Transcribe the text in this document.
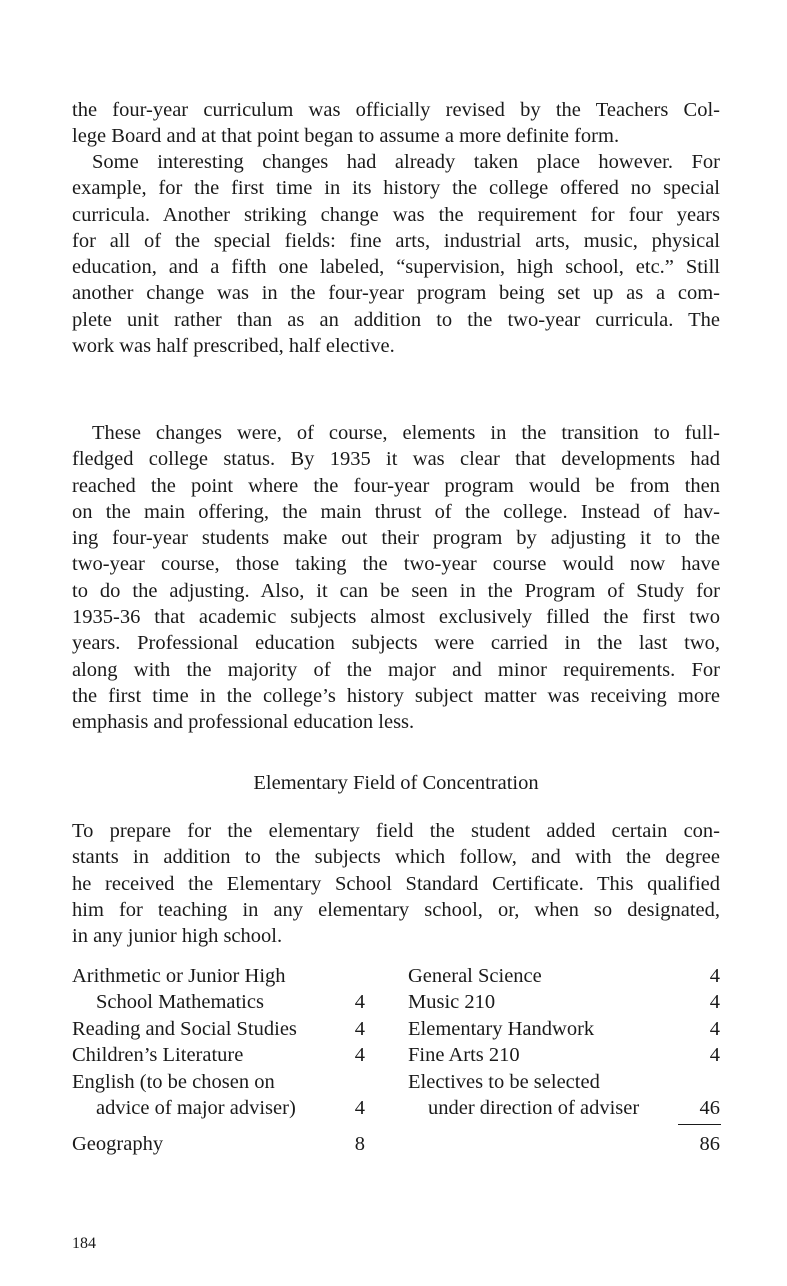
the four-year curriculum was officially revised by the Teachers Col-
lege Board and at that point began to assume a more definite form.

Some interesting changes had already taken place however. For
example, for the first time in its history the college offered no special
curricula. Another striking change was the requirement for four years
for all of the special fields: fine arts, industrial arts, music, physical
education, and a fifth one labeled, “supervision, high school, etc.” Still
another change was in the four-year program being set up as a com-
plete unit rather than as an addition to the two-year curricula. The
work was half prescribed, half elective.

These changes were, of course, elements in the transition to full-
fledged college status. By 1935 it was clear that developments had
reached the point where the four-year program would be from then
on the main offering, the main thrust of the college. Instead of hav-
ing four-year students make out their program by adjusting it to the
two-year course, those taking the two-year course would now have
to do the adjusting. Also, it can be seen in the Program of Study for
1935-36 that academic subjects almost exclusively filled the first two
years. Professional education subjects were carried in the last two,
along with the majority of the major and minor requirements. For
the first time in the college’s history subject matter was receiving more
emphasis and professional education less.

Elementary Field of Concentration

To prepare for the elementary field the student added certain con-
stants in addition to the subjects which follow, and with the degree
he received the Elementary School Standard Certificate. This qualified
him for teaching in any elementary school, or, when so designated,
in any junior high school.

Arithmetic or Junior High
School Mathematics	4
Reading and Social Studies	4
Children’s Literature	4
English (to be chosen on
advice of major adviser)	4
Geography	8
General Science	4
Music 210	4
Elementary Handwork	4
Fine Arts 210	4
Electives to be selected
under direction of adviser	46
86
184
